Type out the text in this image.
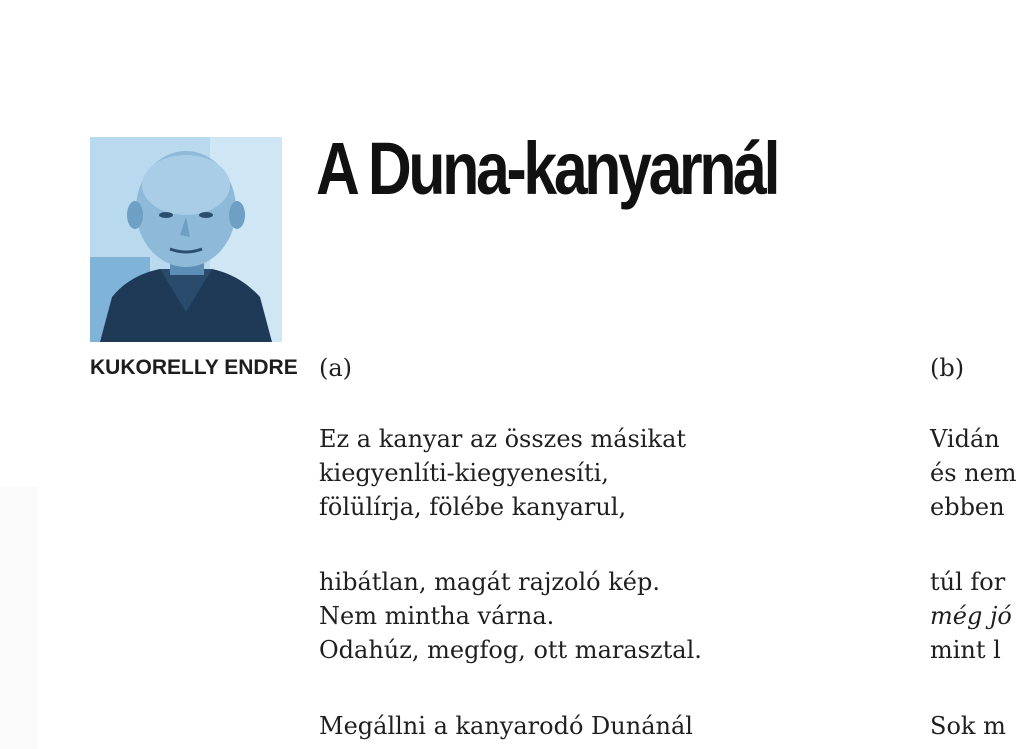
KUKORELLY ENDRE
A Duna-kanyarnál
(a)
Ez a kanyar az összes másikat
kiegyenlíti-kiegyenesíti,
fölülírja, fölébe kanyarul,
hibátlan, magát rajzoló kép.
Nem mintha várna.
Odahúz, megfog, ott marasztal.
Megállni a kanyarodó Dunánál
(b)
Vidán
és nem
ebben
túl for
még jó
mint l
Sok m
